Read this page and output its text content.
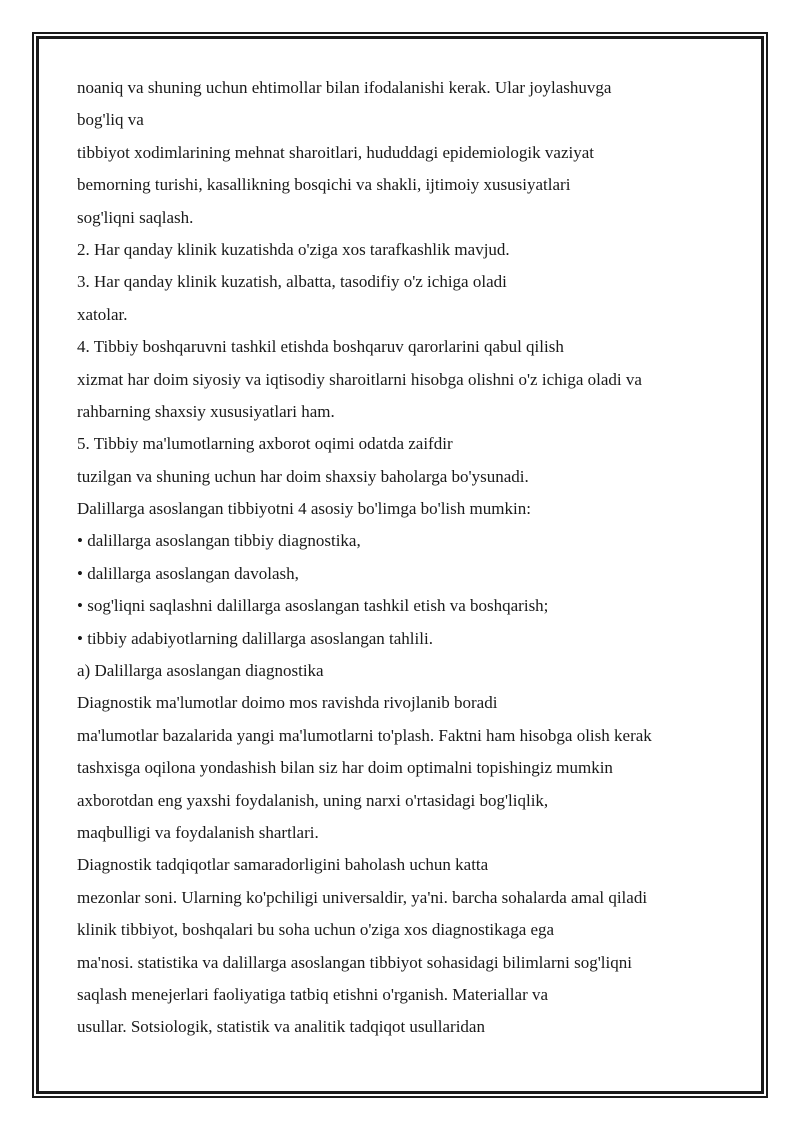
noaniq va shuning uchun ehtimollar bilan ifodalanishi kerak. Ular joylashuvga
bog'liq va
tibbiyot xodimlarining mehnat sharoitlari, hududdagi epidemiologik vaziyat
bemorning turishi, kasallikning bosqichi va shakli, ijtimoiy xususiyatlari
sog'liqni saqlash.
2. Har qanday klinik kuzatishda o'ziga xos tarafkashlik mavjud.
3. Har qanday klinik kuzatish, albatta, tasodifiy o'z ichiga oladi
xatolar.
4. Tibbiy boshqaruvni tashkil etishda boshqaruv qarorlarini qabul qilish
xizmat har doim siyosiy va iqtisodiy sharoitlarni hisobga olishni o'z ichiga oladi va
rahbarning shaxsiy xususiyatlari ham.
5. Tibbiy ma'lumotlarning axborot oqimi odatda zaifdir
tuzilgan va shuning uchun har doim shaxsiy baholarga bo'ysunadi.
Dalillarga asoslangan tibbiyotni 4 asosiy bo'limga bo'lish mumkin:
• dalillarga asoslangan tibbiy diagnostika,
• dalillarga asoslangan davolash,
• sog'liqni saqlashni dalillarga asoslangan tashkil etish va boshqarish;
• tibbiy adabiyotlarning dalillarga asoslangan tahlili.
a) Dalillarga asoslangan diagnostika
Diagnostik ma'lumotlar doimo mos ravishda rivojlanib boradi
ma'lumotlar bazalarida yangi ma'lumotlarni to'plash. Faktni ham hisobga olish kerak
tashxisga oqilona yondashish bilan siz har doim optimalni topishingiz mumkin
axborotdan eng yaxshi foydalanish, uning narxi o'rtasidagi bog'liqlik,
maqbulligi va foydalanish shartlari.
Diagnostik tadqiqotlar samaradorligini baholash uchun katta
mezonlar soni. Ularning ko'pchiligi universaldir, ya'ni. barcha sohalarda amal qiladi
klinik tibbiyot, boshqalari bu soha uchun o'ziga xos diagnostikaga ega
ma'nosi. statistika va dalillarga asoslangan tibbiyot sohasidagi bilimlarni sog'liqni
saqlash menejerlari faoliyatiga tatbiq etishni o'rganish. Materiallar va
usullar. Sotsiologik, statistik va analitik tadqiqot usullaridan
